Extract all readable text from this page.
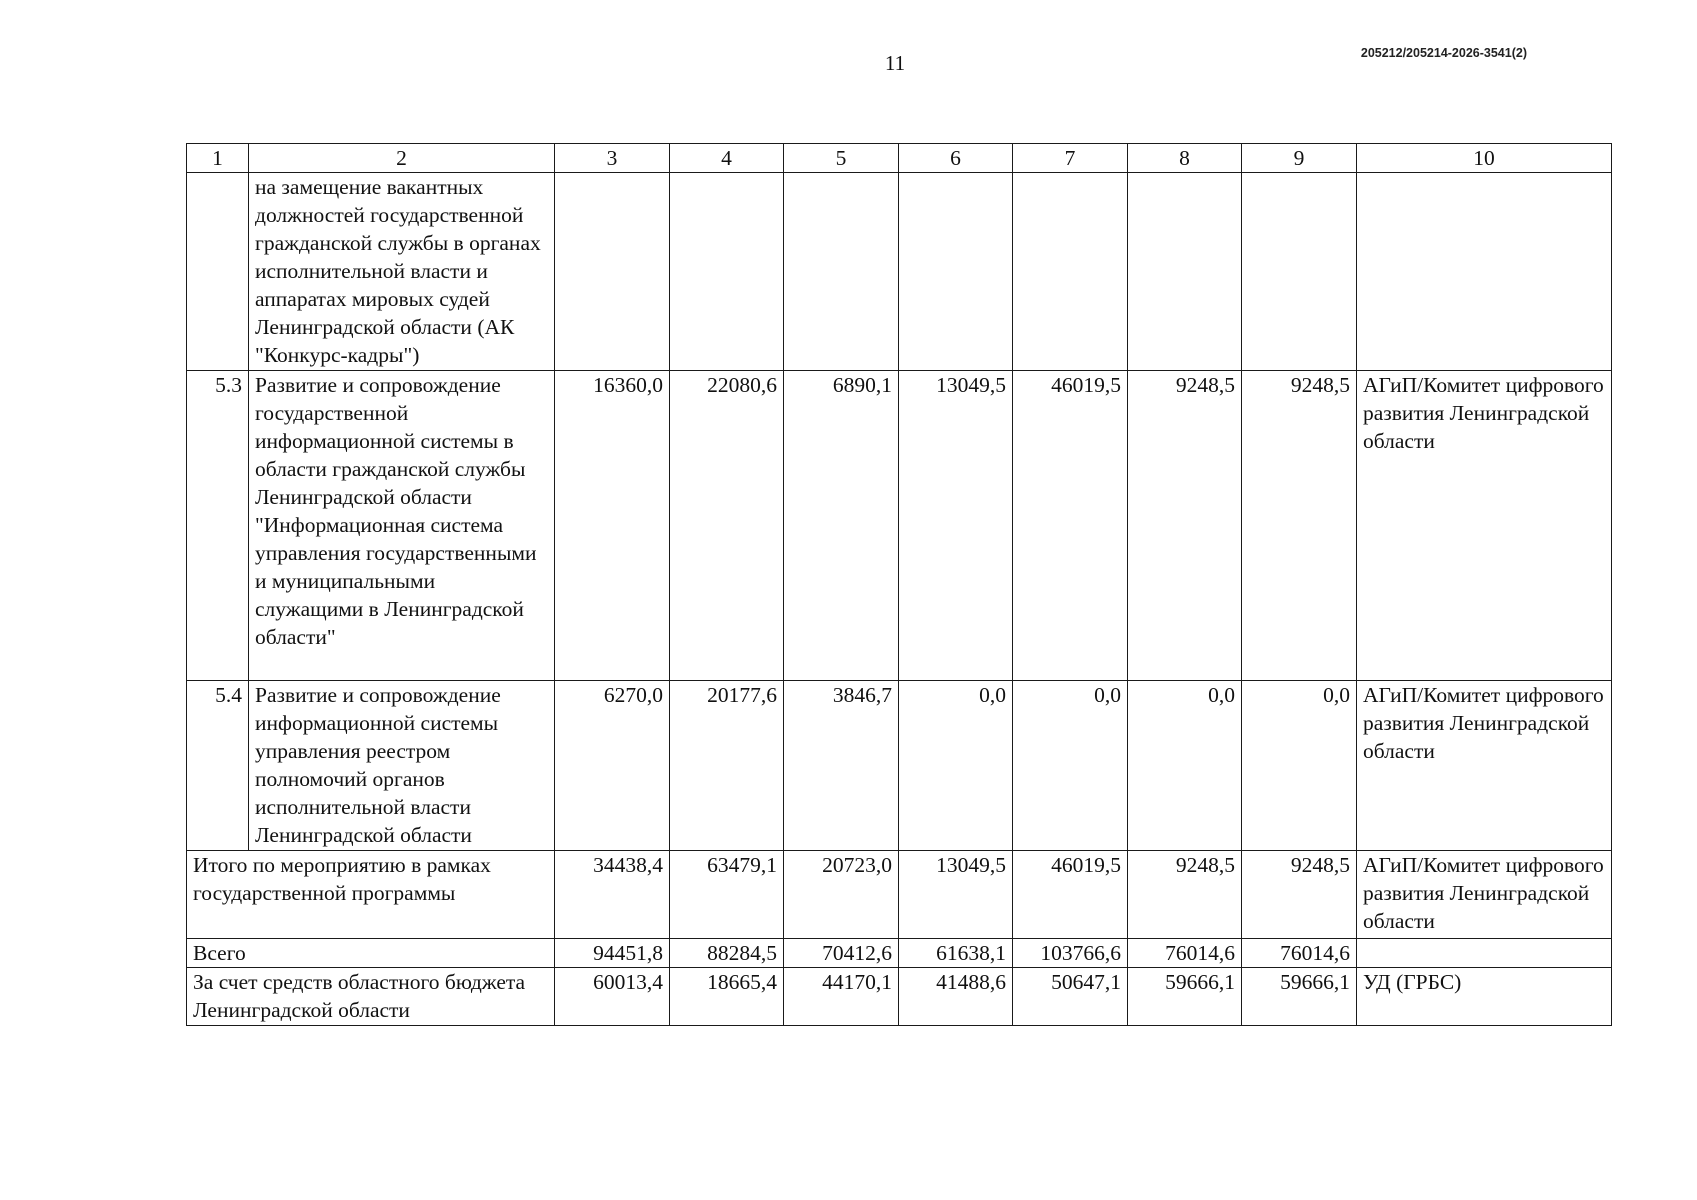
11	205212/205214-2026-3541(2)
1	2	3	4	5	6	7	8	9	10
	на замещение вакантных должностей государственной гражданской службы в органах исполнительной власти и аппаратах мировых судей Ленинградской области (АК "Конкурс-кадры")								
5.3	Развитие и сопровождение государственной информационной системы в области гражданской службы Ленинградской области "Информационная система управления государственными и муниципальными служащими в Ленинградской области"	16360,0	22080,6	6890,1	13049,5	46019,5	9248,5	9248,5	АГиП/Комитет цифрового развития Ленинградской области
5.4	Развитие и сопровождение информационной системы управления реестром полномочий органов исполнительной власти Ленинградской области	6270,0	20177,6	3846,7	0,0	0,0	0,0	0,0	АГиП/Комитет цифрового развития Ленинградской области
Итого по мероприятию в рамках государственной программы		34438,4	63479,1	20723,0	13049,5	46019,5	9248,5	9248,5	АГиП/Комитет цифрового развития Ленинградской области
Всего		94451,8	88284,5	70412,6	61638,1	103766,6	76014,6	76014,6	
За счет средств областного бюджета Ленинградской области		60013,4	18665,4	44170,1	41488,6	50647,1	59666,1	59666,1	УД (ГРБС)
